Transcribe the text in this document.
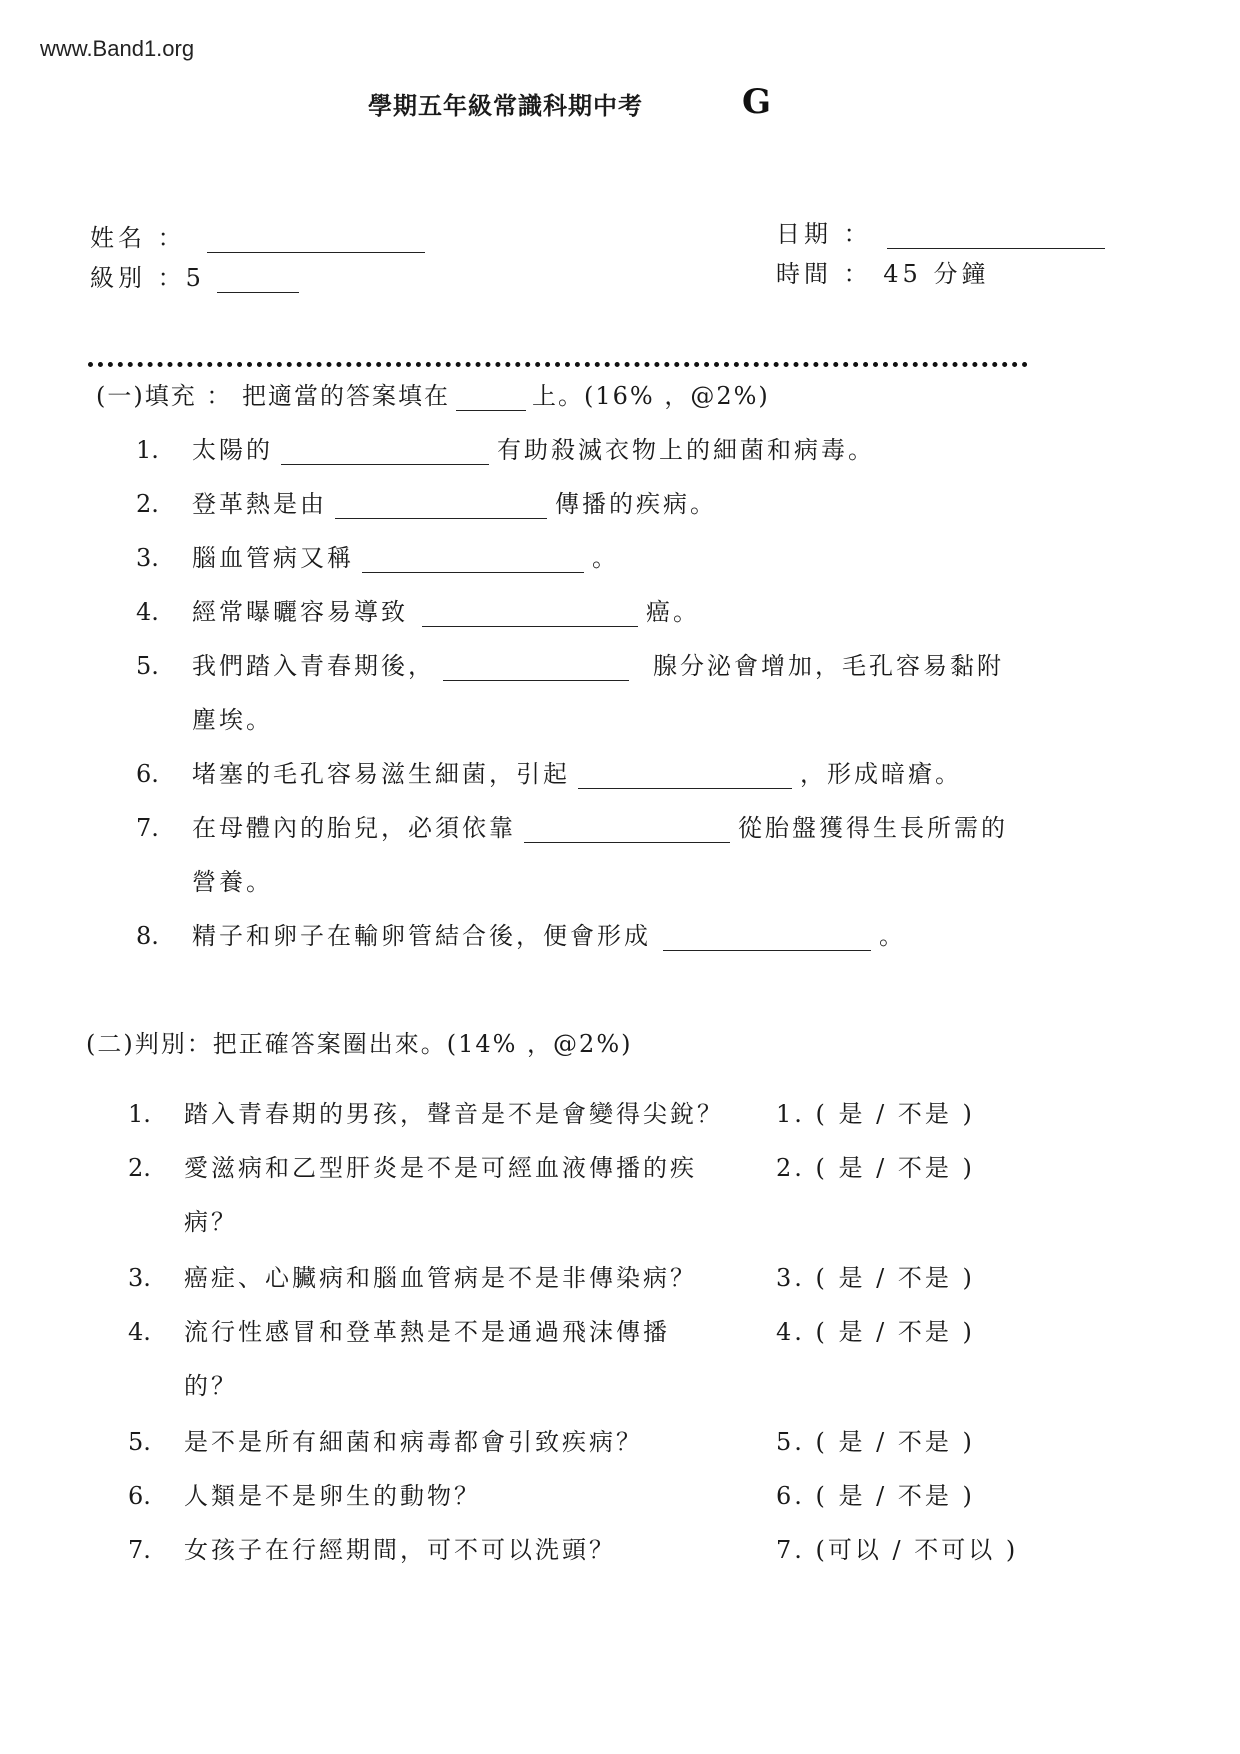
www.Band1.org
學期五年級常識科期中考	G
姓名 ：
級別 ：5
日期 ：
時間 ： 45 分鐘
(一)填充 ： 把適當的答案填在	上。(16% ，@2%)
1. 太陽的	有助殺滅衣物上的細菌和病毒。
2. 登革熱是由	傳播的疾病。
3. 腦血管病又稱	。
4. 經常曝曬容易導致	癌。
5. 我們踏入青春期後，	腺分泌會增加，毛孔容易黏附
塵埃。
6. 堵塞的毛孔容易滋生細菌，引起	，形成暗瘡。
7. 在母體內的胎兒，必須依靠	從胎盤獲得生長所需的
營養。
8. 精子和卵子在輸卵管結合後，便會形成	。
(二)判別：把正確答案圈出來。(14% ，@2%)
1. 踏入青春期的男孩，聲音是不是會變得尖銳？ 1. ( 是 / 不是 )
2. 愛滋病和乙型肝炎是不是可經血液傳播的疾	2. ( 是 / 不是 )
病？
3. 癌症、心臟病和腦血管病是不是非傳染病？	3. ( 是 / 不是 )
4. 流行性感冒和登革熱是不是通過飛沫傳播	4. ( 是 / 不是 )
的？
5. 是不是所有細菌和病毒都會引致疾病？	5. ( 是 / 不是 )
6. 人類是不是卵生的動物？	6. ( 是 / 不是 )
7. 女孩子在行經期間，可不可以洗頭？	7. (可以 / 不可以 )
